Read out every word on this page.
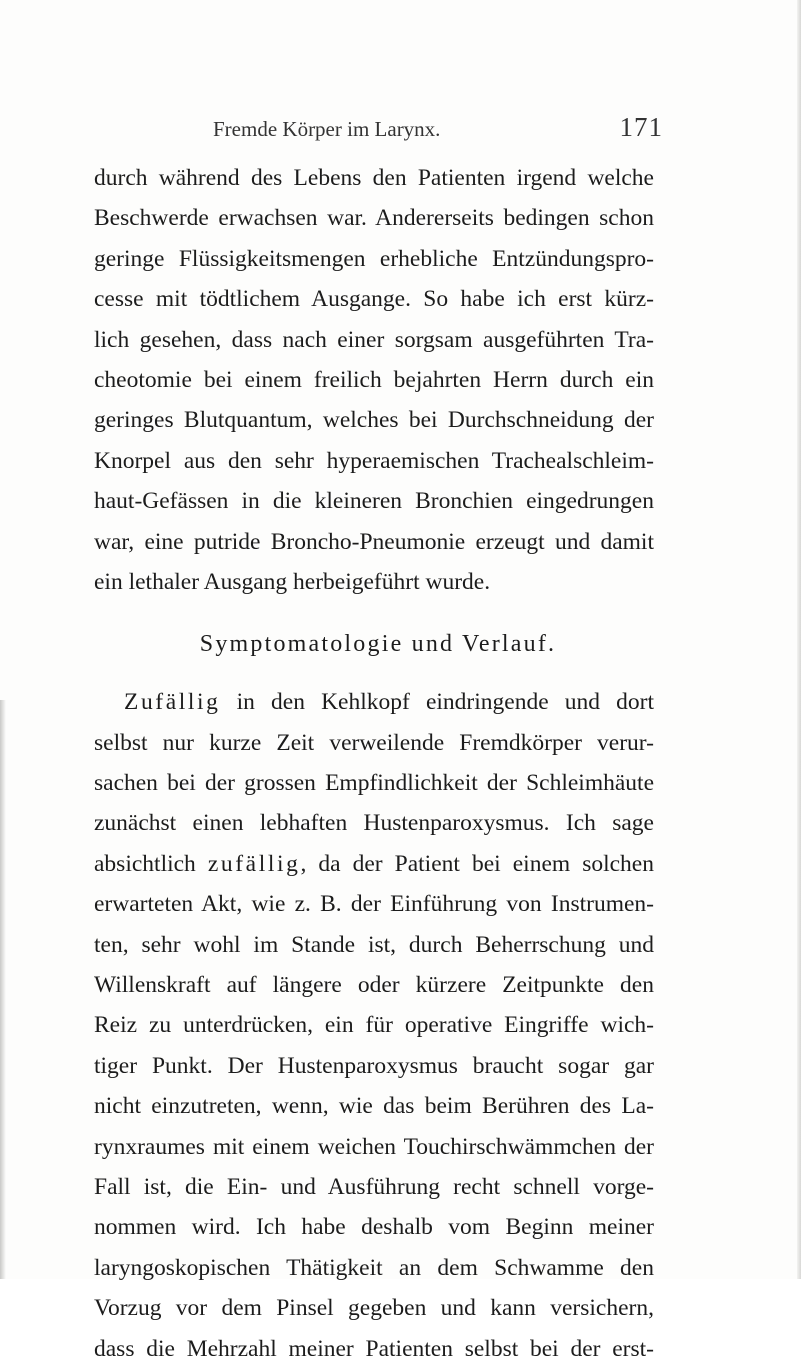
Fremde Körper im Larynx.	171
durch während des Lebens den Patienten irgend welche
Beschwerde erwachsen war. Andererseits bedingen schon
geringe Flüssigkeitsmengen erhebliche Entzündungspro-
cesse mit tödtlichem Ausgange. So habe ich erst kürz-
lich gesehen, dass nach einer sorgsam ausgeführten Tra-
cheotomie bei einem freilich bejahrten Herrn durch ein
geringes Blutquantum, welches bei Durchschneidung der
Knorpel aus den sehr hyperaemischen Trachealschleim-
haut-Gefässen in die kleineren Bronchien eingedrungen
war, eine putride Broncho-Pneumonie erzeugt und damit
ein lethaler Ausgang herbeigeführt wurde.
Symptomatologie und Verlauf.
Zufällig in den Kehlkopf eindringende und dort
selbst nur kurze Zeit verweilende Fremdkörper verur-
sachen bei der grossen Empfindlichkeit der Schleimhäute
zunächst einen lebhaften Hustenparoxysmus. Ich sage
absichtlich zufällig, da der Patient bei einem solchen
erwarteten Akt, wie z. B. der Einführung von Instrumen-
ten, sehr wohl im Stande ist, durch Beherrschung und
Willenskraft auf längere oder kürzere Zeitpunkte den
Reiz zu unterdrücken, ein für operative Eingriffe wich-
tiger Punkt. Der Hustenparoxysmus braucht sogar gar
nicht einzutreten, wenn, wie das beim Berühren des La-
rynxraumes mit einem weichen Touchirschwämmchen der
Fall ist, die Ein- und Ausführung recht schnell vorge-
nommen wird. Ich habe deshalb vom Beginn meiner
laryngoskopischen Thätigkeit an dem Schwamme den
Vorzug vor dem Pinsel gegeben und kann versichern,
dass die Mehrzahl meiner Patienten selbst bei der erst-
